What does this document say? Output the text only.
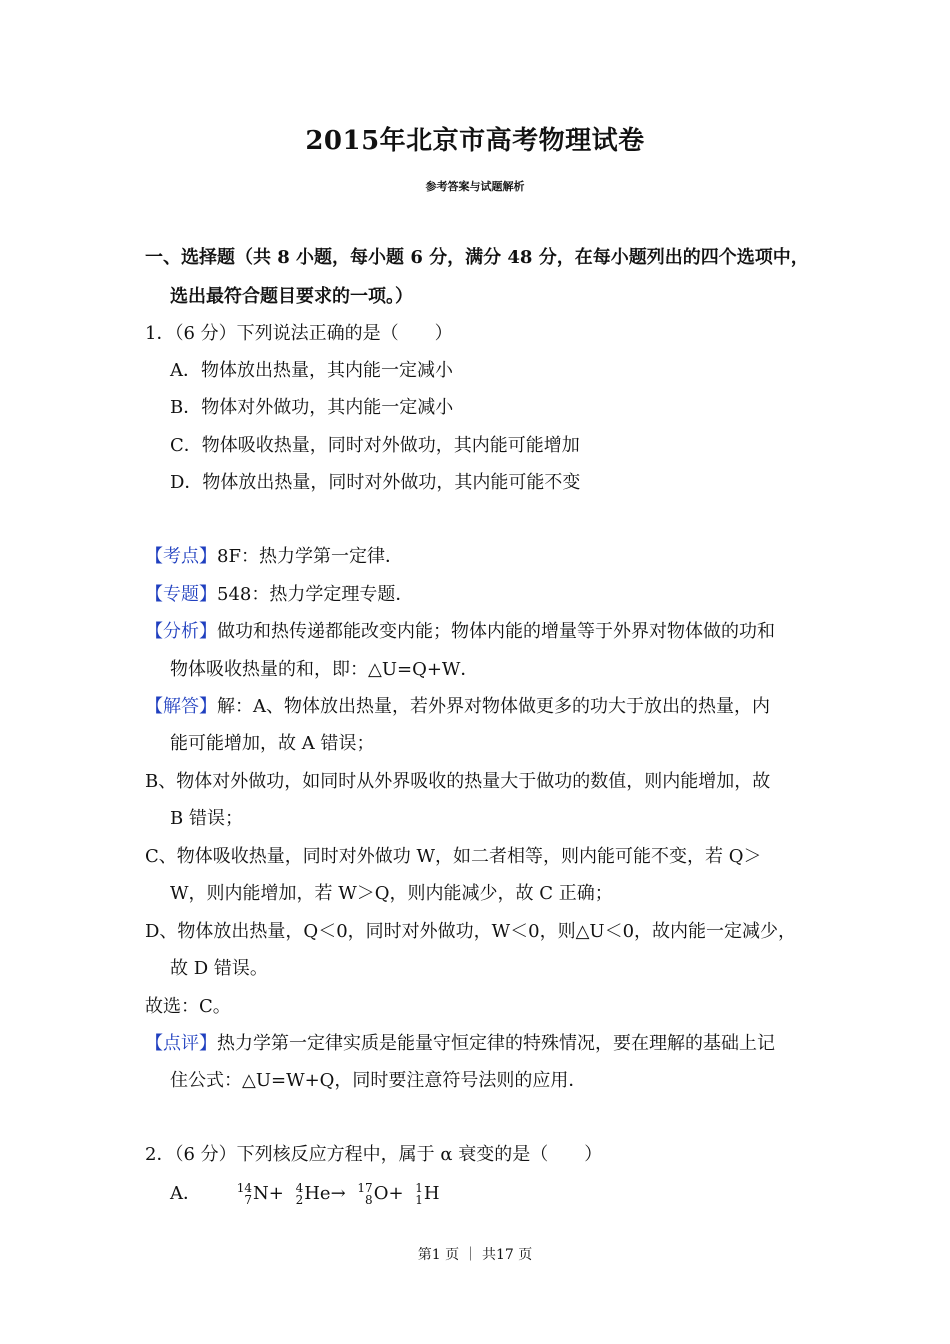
2015年北京市高考物理试卷
参考答案与试题解析
一、选择题（共 8 小题，每小题 6 分，满分 48 分，在每小题列出的四个选项中，
选出最符合题目要求的一项。）
1．（6 分）下列说法正确的是（　　）
A．物体放出热量，其内能一定减小
B．物体对外做功，其内能一定减小
C．物体吸收热量，同时对外做功，其内能可能增加
D．物体放出热量，同时对外做功，其内能可能不变
【考点】8F：热力学第一定律．
【专题】548：热力学定理专题．
【分析】做功和热传递都能改变内能；物体内能的增量等于外界对物体做的功和
物体吸收热量的和，即：△U=Q+W．
【解答】解：A、物体放出热量，若外界对物体做更多的功大于放出的热量，内
能可能增加，故 A 错误；
B、物体对外做功，如同时从外界吸收的热量大于做功的数值，则内能增加，故
B 错误；
C、物体吸收热量，同时对外做功 W，如二者相等，则内能可能不变，若 Q＞
W，则内能增加，若 W＞Q，则内能减少，故 C 正确；
D、物体放出热量，Q＜0，同时对外做功，W＜0，则△U＜0，故内能一定减少，
故 D 错误。
故选：C。
【点评】热力学第一定律实质是能量守恒定律的特殊情况，要在理解的基础上记
住公式：△U=W+Q，同时要注意符号法则的应用．
2．（6 分）下列核反应方程中，属于 α 衰变的是（　　）
A．	14
7 N+ 4
2 He→ 17
8 O+ 1
1 H
第1 页 ｜ 共17 页
